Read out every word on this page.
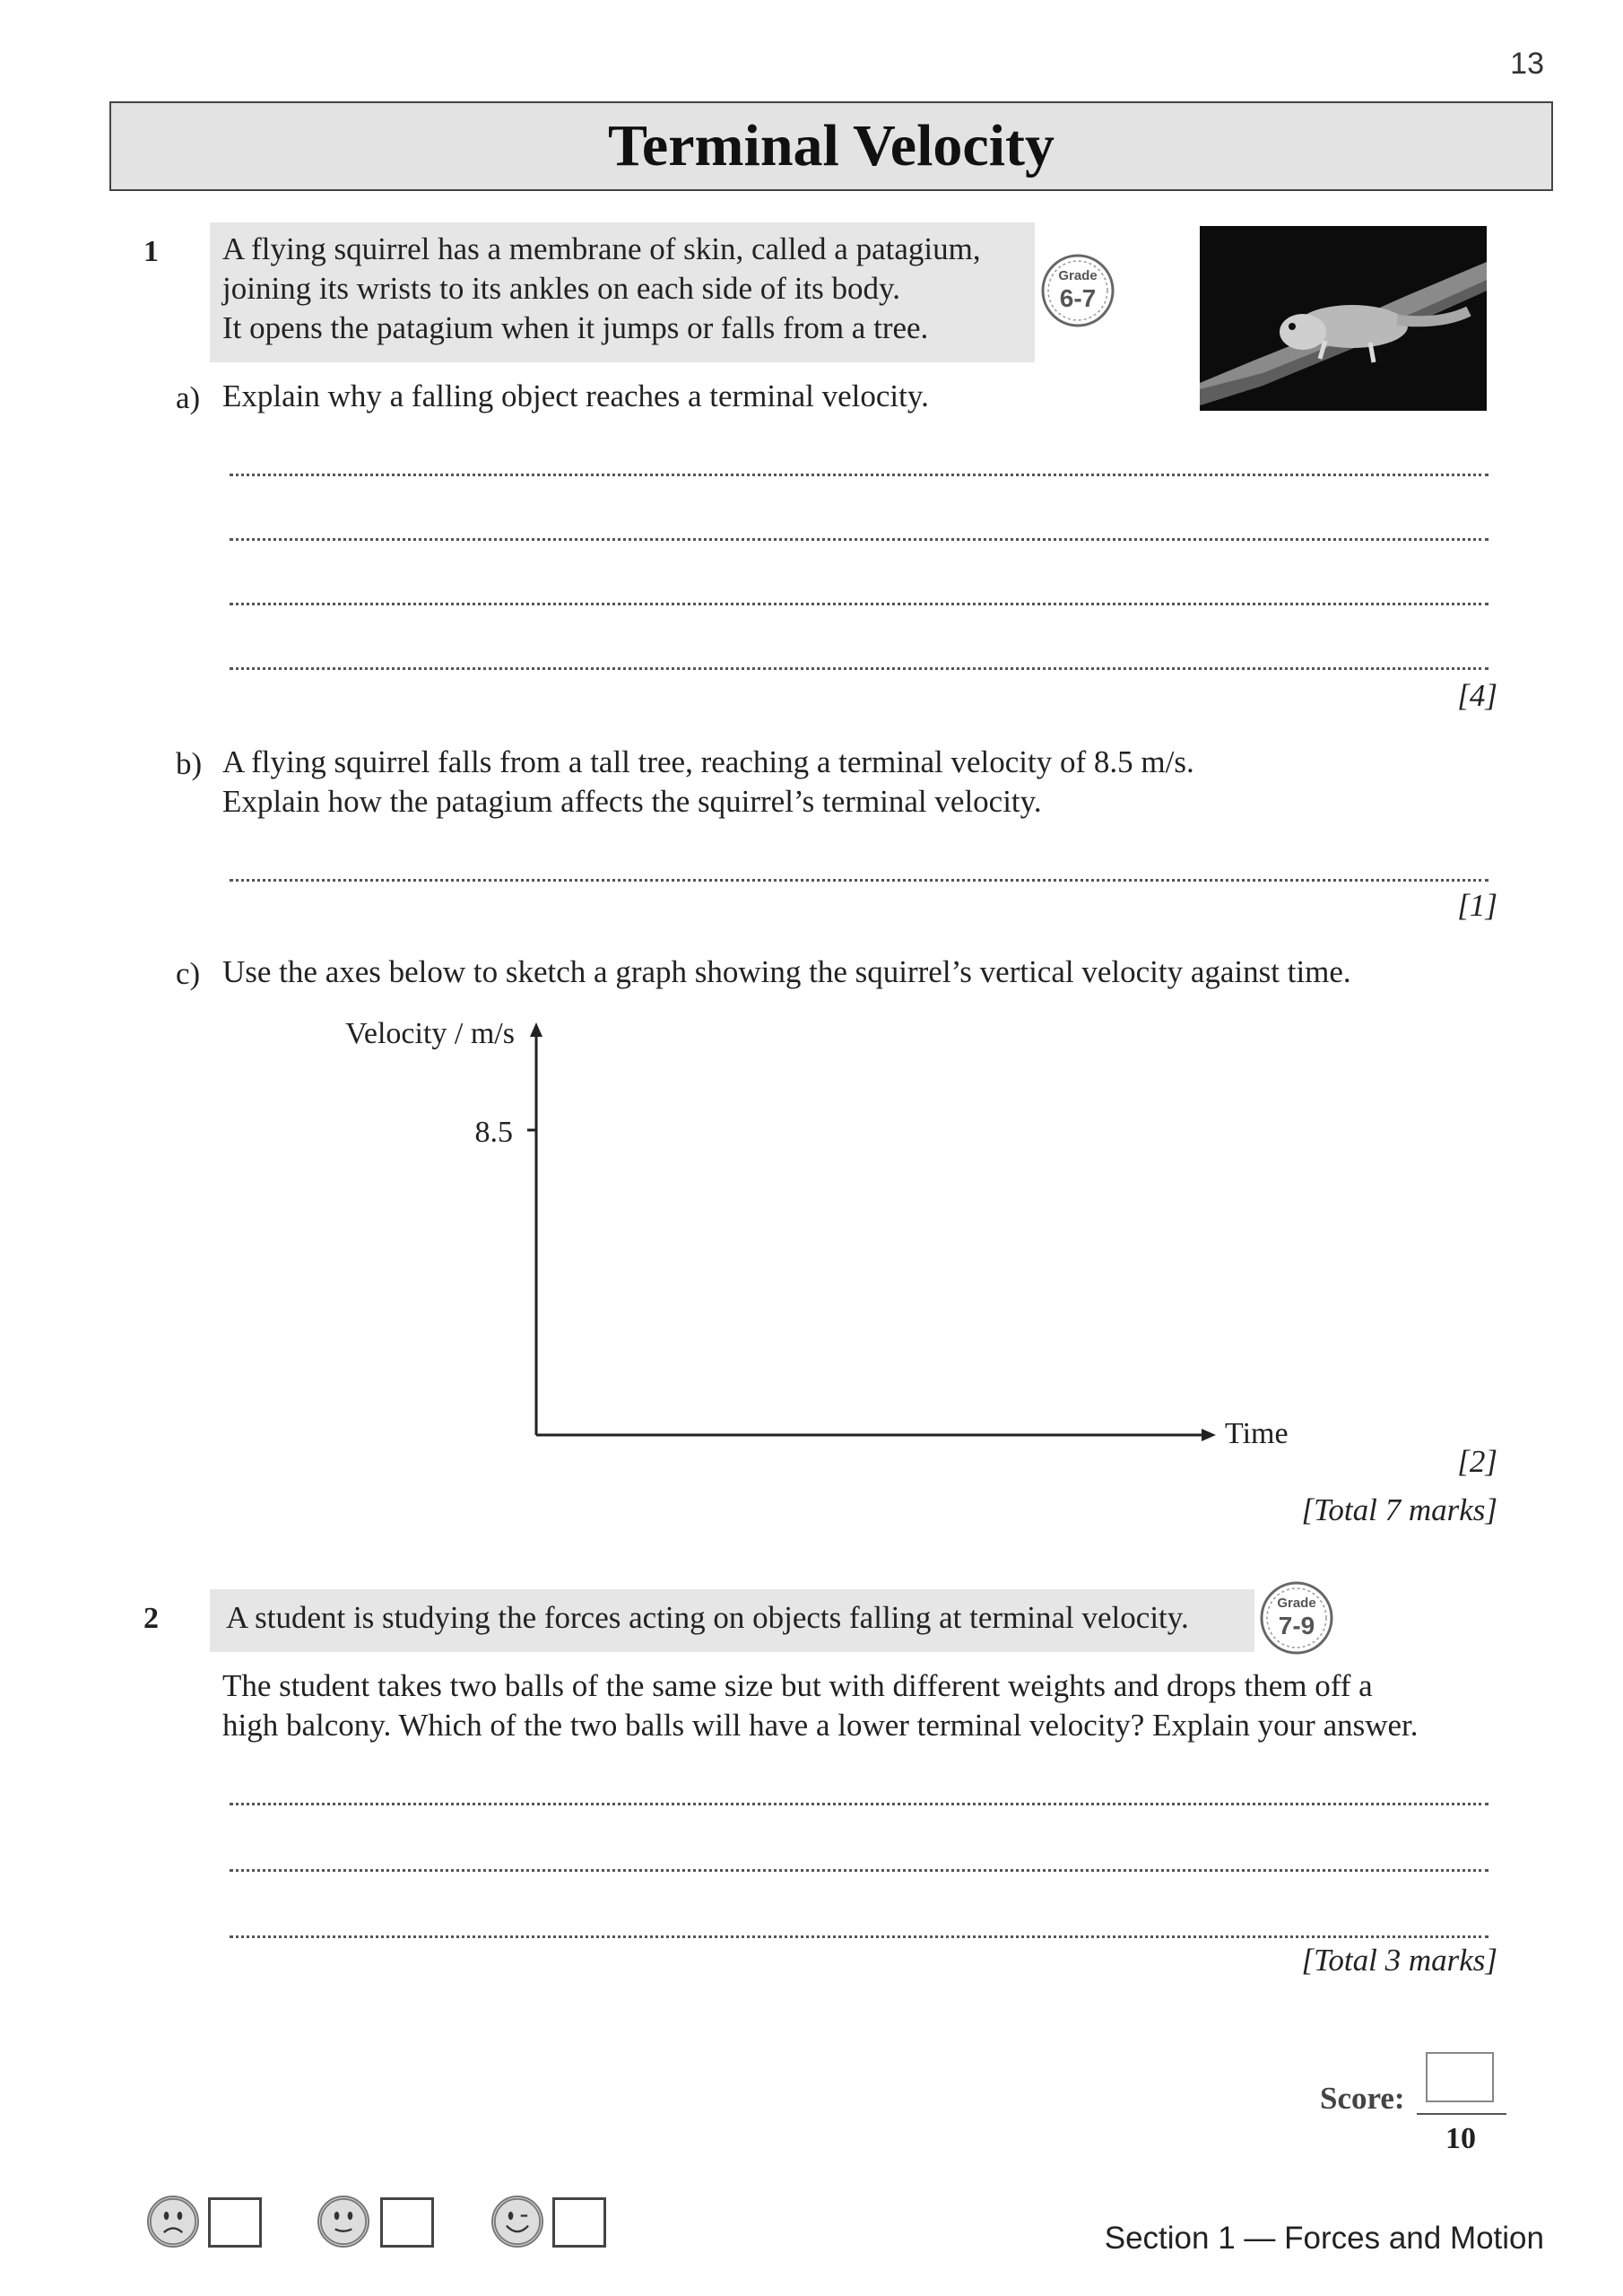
13
Terminal Velocity
1 A flying squirrel has a membrane of skin, called a patagium,
joining its wrists to its ankles on each side of its body.
It opens the patagium when it jumps or falls from a tree.
Grade
6-7
a) Explain why a falling object reaches a terminal velocity.
[4]
b) A flying squirrel falls from a tall tree, reaching a terminal velocity of 8.5 m/s.
Explain how the patagium affects the squirrel’s terminal velocity.
[1]
c) Use the axes below to sketch a graph showing the squirrel’s vertical velocity against time.
Velocity / m/s
8.5
Time
[2]
[Total 7 marks]
2	A student is studying the forces acting on objects falling at terminal velocity.	Grade
7-9
The student takes two balls of the same size but with different weights and drops them off a
high balcony. Which of the two balls will have a lower terminal velocity? Explain your answer.
[Total 3 marks]
Score:
10
Section 1 — Forces and Motion
